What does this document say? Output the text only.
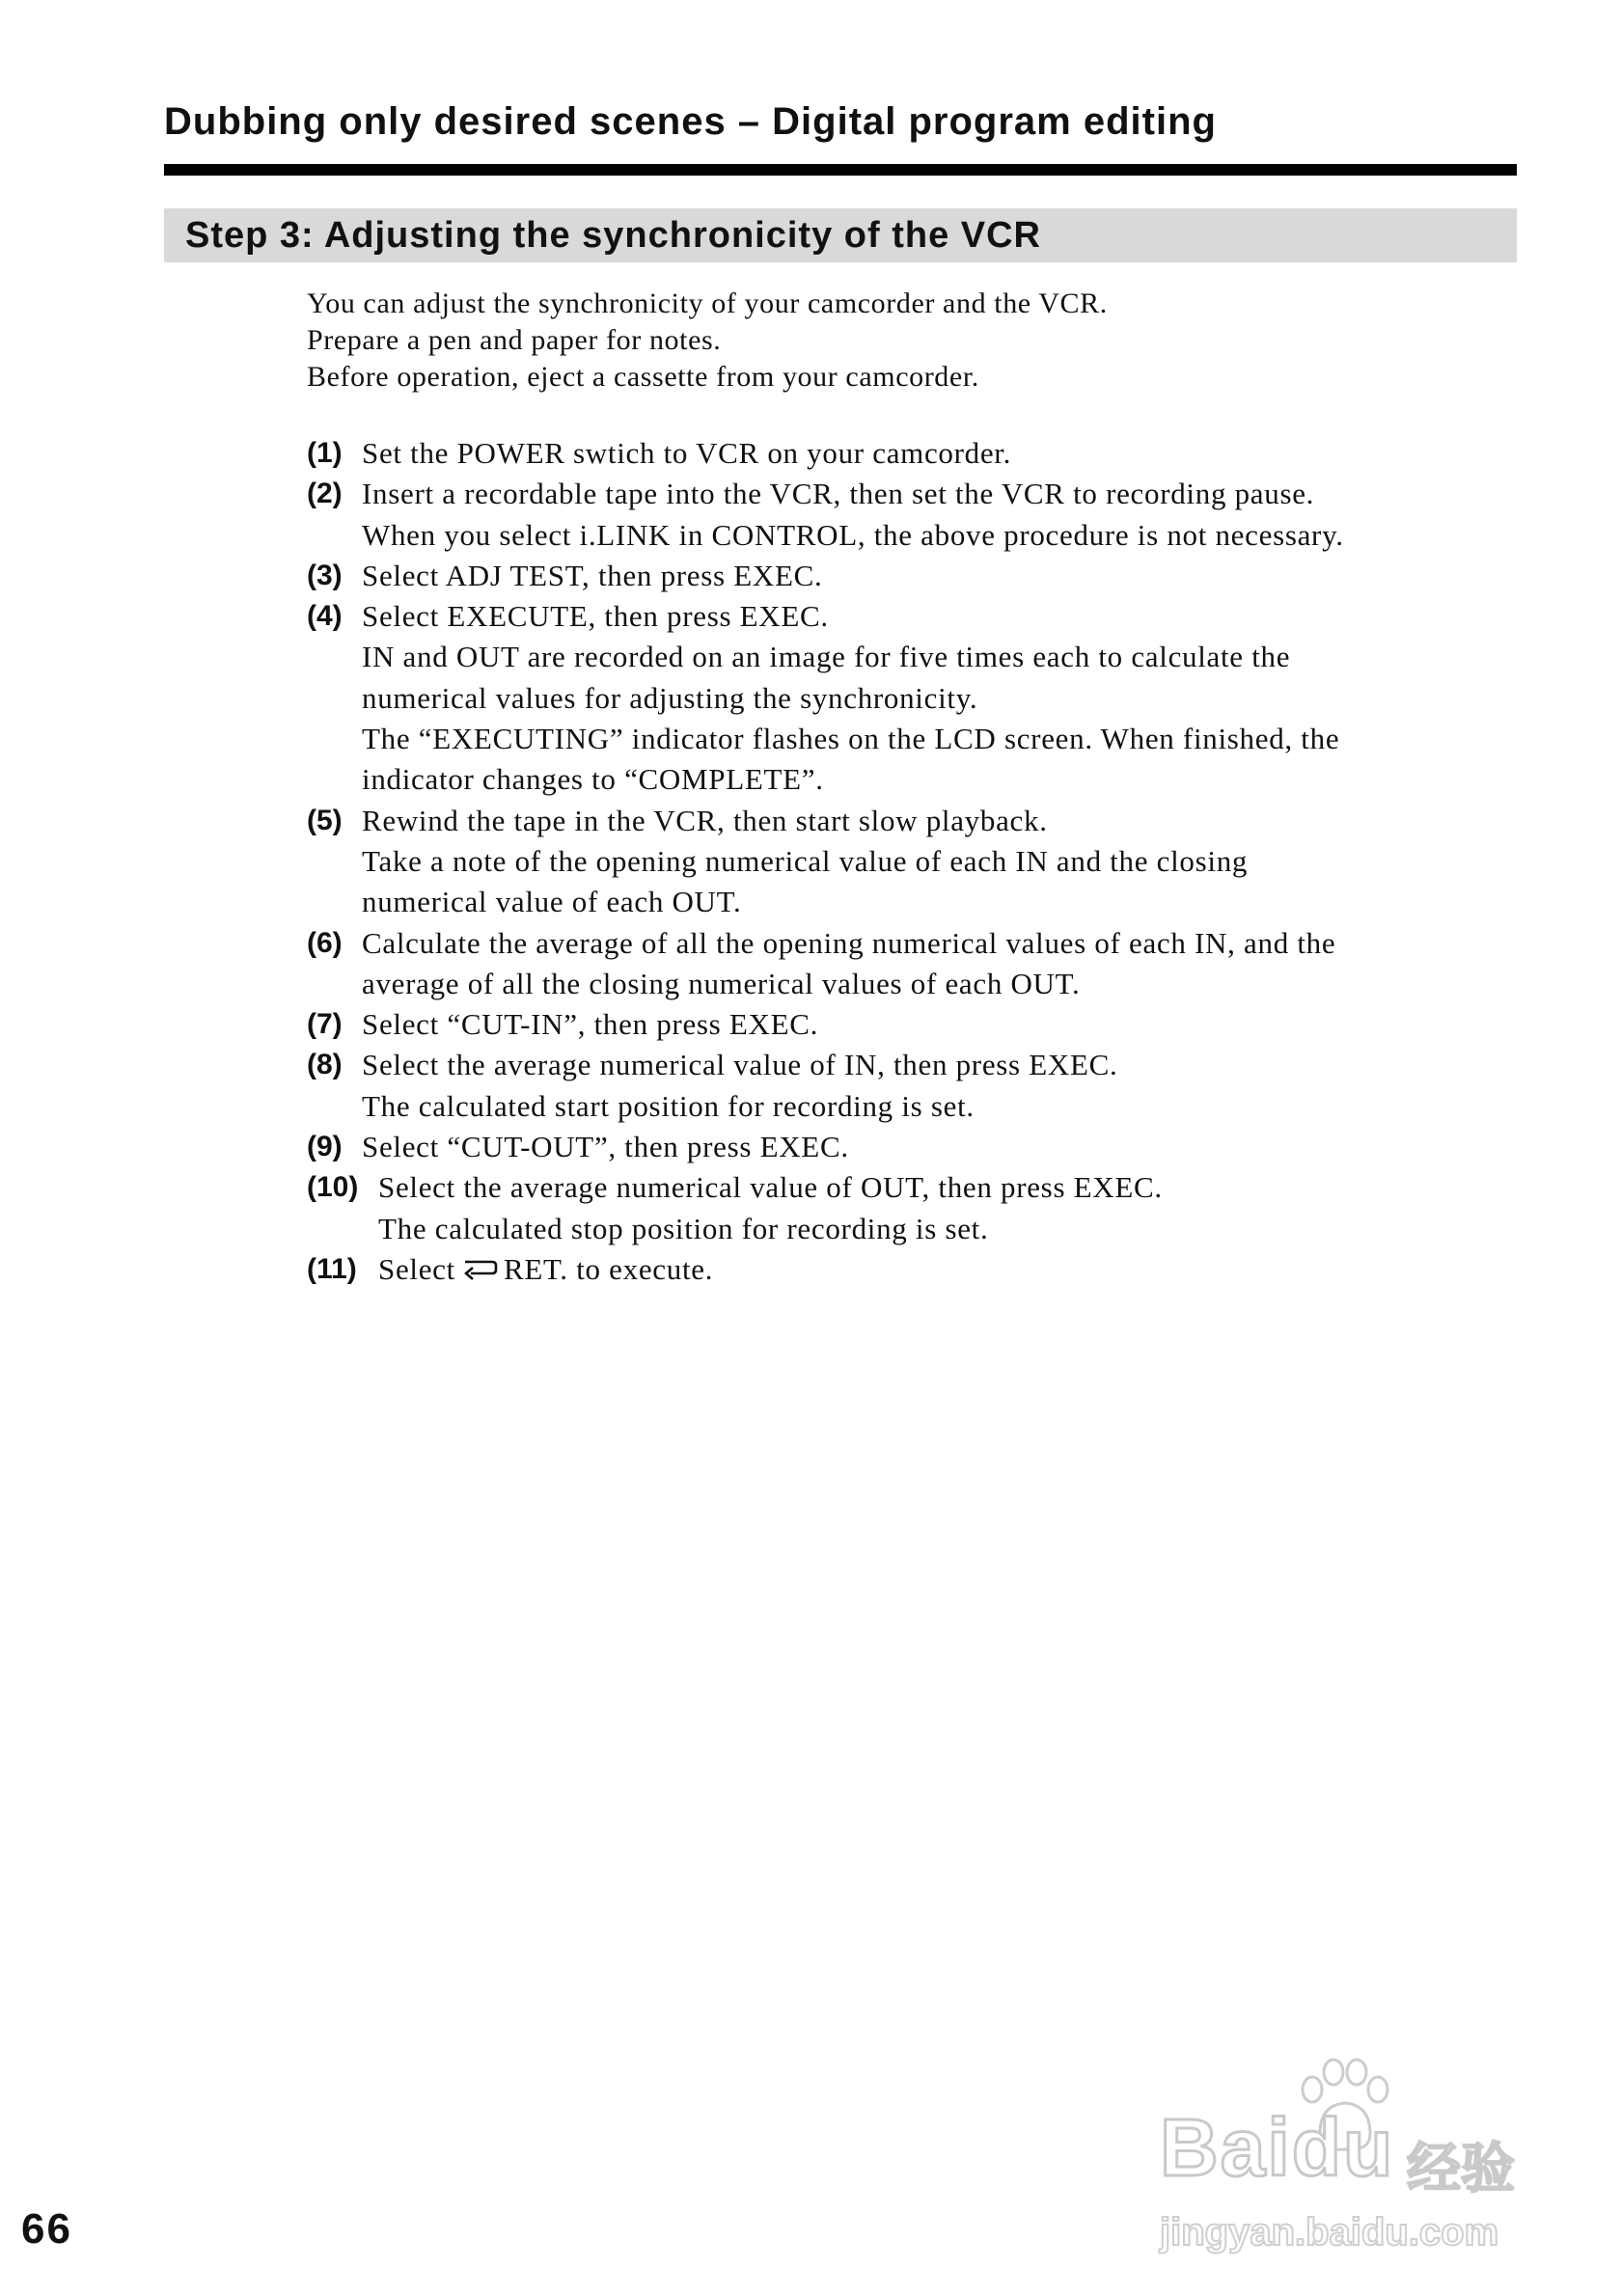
Dubbing only desired scenes – Digital program editing
Step 3: Adjusting the synchronicity of the VCR
You can adjust the synchronicity of your camcorder and the VCR.
Prepare a pen and paper for notes.
Before operation, eject a cassette from your camcorder.
(1) Set the POWER swtich to VCR on your camcorder.
(2) Insert a recordable tape into the VCR, then set the VCR to recording pause.
When you select i.LINK in CONTROL, the above procedure is not necessary.
(3) Select ADJ TEST, then press EXEC.
(4) Select EXECUTE, then press EXEC.
IN and OUT are recorded on an image for five times each to calculate the
numerical values for adjusting the synchronicity.
The “EXECUTING” indicator flashes on the LCD screen. When finished, the
indicator changes to “COMPLETE”.
(5) Rewind the tape in the VCR, then start slow playback.
Take a note of the opening numerical value of each IN and the closing
numerical value of each OUT.
(6) Calculate the average of all the opening numerical values of each IN, and the
average of all the closing numerical values of each OUT.
(7) Select “CUT-IN”, then press EXEC.
(8) Select the average numerical value of IN, then press EXEC.
The calculated start position for recording is set.
(9) Select “CUT-OUT”, then press EXEC.
(10) Select the average numerical value of OUT, then press EXEC.
The calculated stop position for recording is set.
(11) Select RET. to execute.
66
Baidu 经验
jingyan.baidu.com
